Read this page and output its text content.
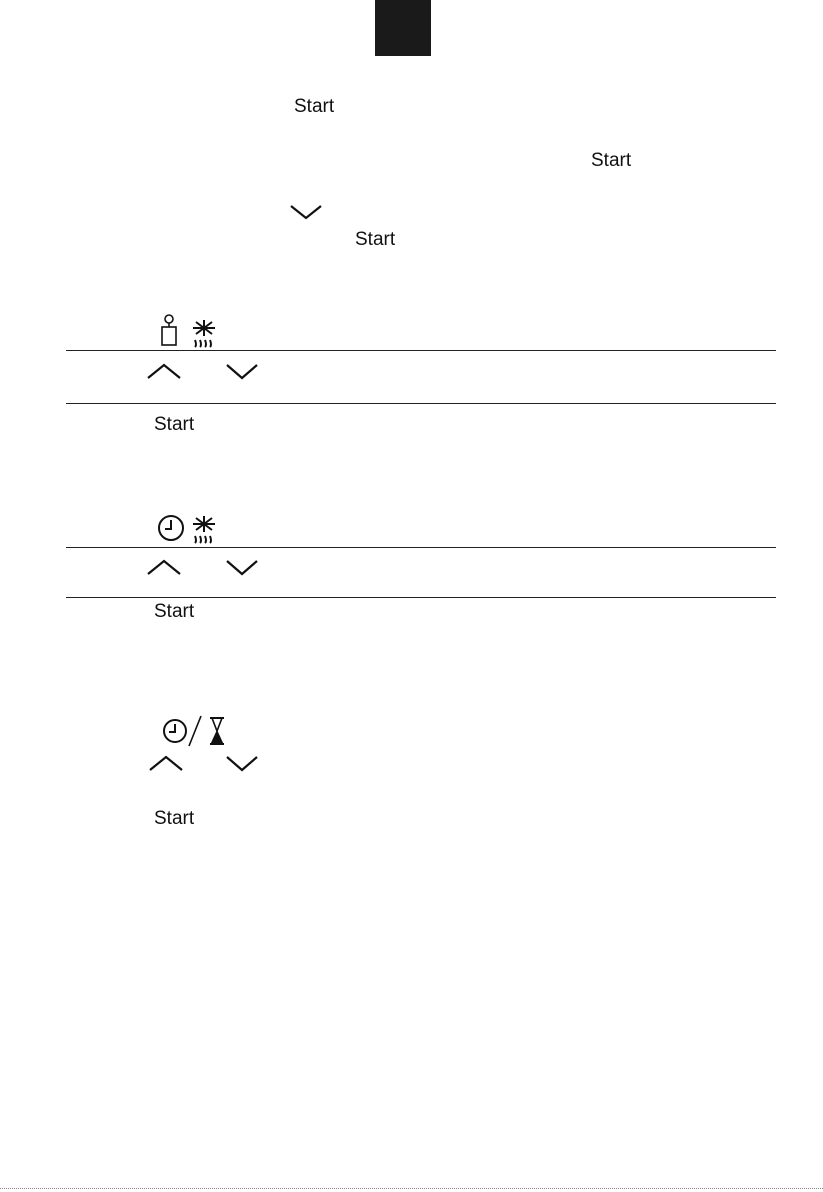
Start
Start
Start
Start
Start
Start
